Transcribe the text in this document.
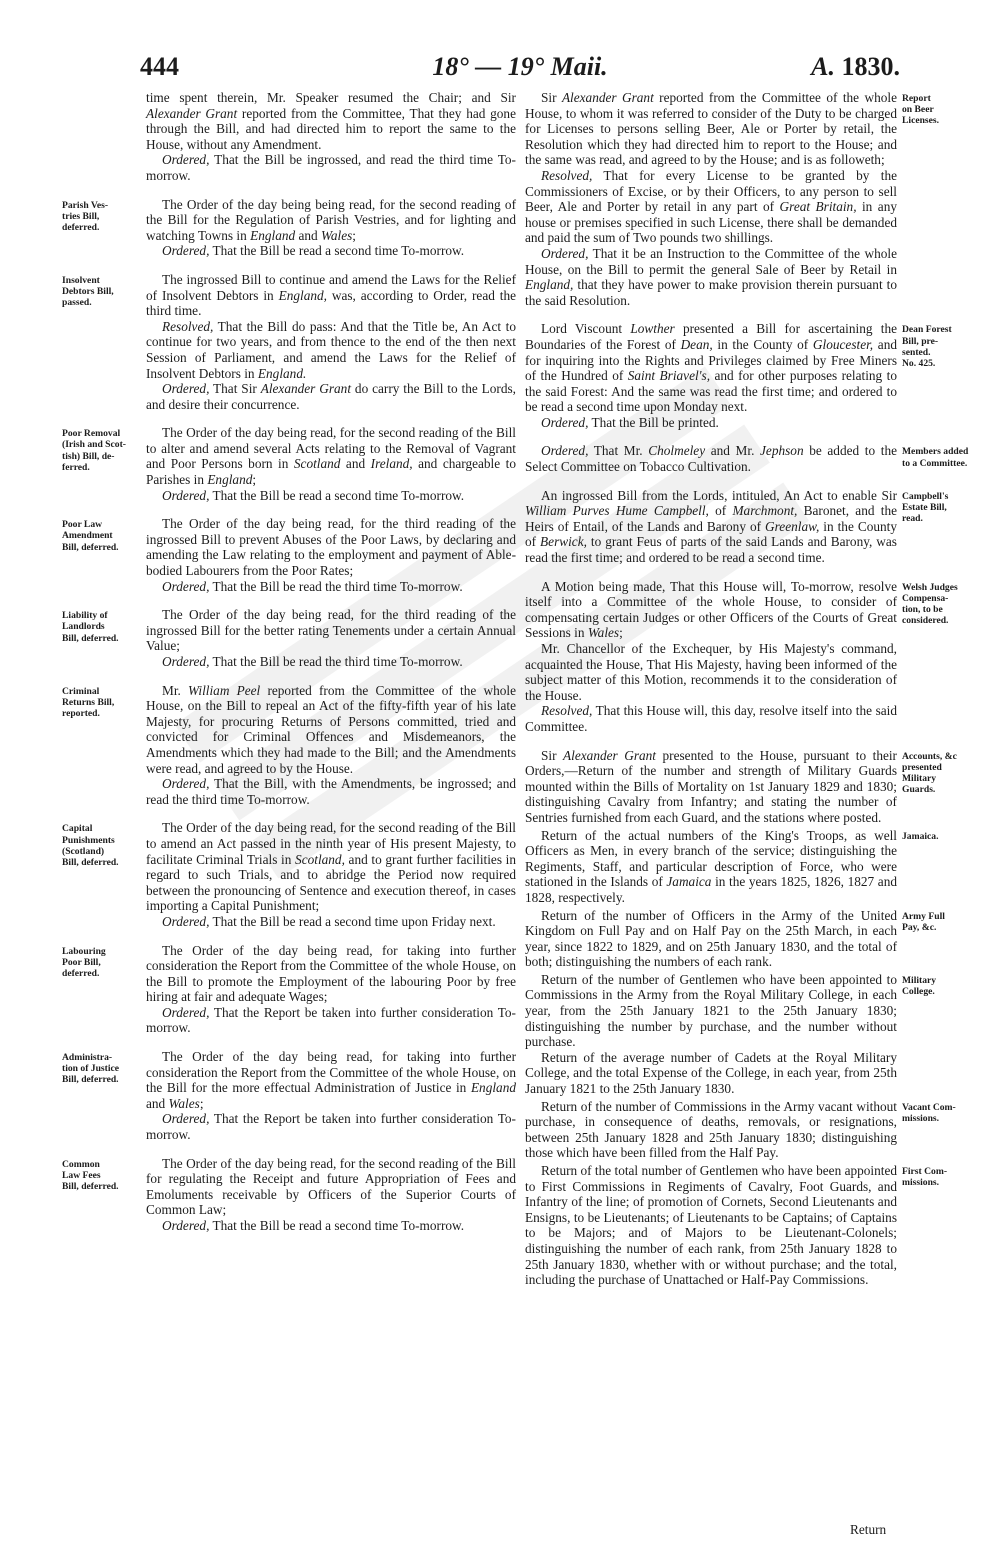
444	18° — 19° Maii.	A. 1830.

time spent therein, Mr. Speaker resumed the Chair; and Sir Alexander Grant reported from the Committee, That they had gone through the Bill, and had directed him to report the same to the House, without any Amendment.

Ordered, That the Bill be ingrossed, and read the third time To-morrow.

Parish Ves-
tries Bill,
deferred.

The Order of the day being being read, for the second reading of the Bill for the Regulation of Parish Vestries, and for lighting and watching Towns in England and Wales;

Ordered, That the Bill be read a second time To-morrow.

Insolvent
Debtors Bill,
passed.

The ingrossed Bill to continue and amend the Laws for the Relief of Insolvent Debtors in England, was, according to Order, read the third time.

Resolved, That the Bill do pass: And that the Title be, An Act to continue for two years, and from thence to the end of the then next Session of Parliament, and amend the Laws for the Relief of Insolvent Debtors in England.

Ordered, That Sir Alexander Grant do carry the Bill to the Lords, and desire their concurrence.

Poor Removal
(Irish and Scot-
tish) Bill, de-
ferred.

The Order of the day being read, for the second reading of the Bill to alter and amend several Acts relating to the Removal of Vagrant and Poor Persons born in Scotland and Ireland, and chargeable to Parishes in England;

Ordered, That the Bill be read a second time To-morrow.

Poor Law
Amendment
Bill, deferred.

The Order of the day being read, for the third reading of the ingrossed Bill to prevent Abuses of the Poor Laws, by declaring and amending the Law relating to the employment and payment of Able-bodied Labourers from the Poor Rates;

Ordered, That the Bill be read the third time To-morrow.

Liability of
Landlords
Bill, deferred.

The Order of the day being read, for the third reading of the ingrossed Bill for the better rating Tenements under a certain Annual Value;

Ordered, That the Bill be read the third time To-morrow.

Criminal
Returns Bill,
reported.

Mr. William Peel reported from the Committee of the whole House, on the Bill to repeal an Act of the fifty-fifth year of his late Majesty, for procuring Returns of Persons committed, tried and convicted for Criminal Offences and Misdemeanors, the Amendments which they had made to the Bill; and the Amendments were read, and agreed to by the House.

Ordered, That the Bill, with the Amendments, be ingrossed; and read the third time To-morrow.

Capital
Punishments
(Scotland)
Bill, deferred.

The Order of the day being read, for the second reading of the Bill to amend an Act passed in the ninth year of His present Majesty, to facilitate Criminal Trials in Scotland, and to grant further facilities in regard to such Trials, and to abridge the Period now required between the pronouncing of Sentence and execution thereof, in cases importing a Capital Punishment;

Ordered, That the Bill be read a second time upon Friday next.

Labouring
Poor Bill,
deferred.

The Order of the day being read, for taking into further consideration the Report from the Committee of the whole House, on the Bill to promote the Employment of the labouring Poor by free hiring at fair and adequate Wages;

Ordered, That the Report be taken into further consideration To-morrow.

Administra-
tion of Justice
Bill, deferred.

The Order of the day being read, for taking into further consideration the Report from the Committee of the whole House, on the Bill for the more effectual Administration of Justice in England and Wales;

Ordered, That the Report be taken into further consideration To-morrow.

Common
Law Fees
Bill, deferred.

The Order of the day being read, for the second reading of the Bill for regulating the Receipt and future Appropriation of Fees and Emoluments receivable by Officers of the Superior Courts of Common Law;

Ordered, That the Bill be read a second time To-morrow.

Report
on Beer
Licenses.

Sir Alexander Grant reported from the Committee of the whole House, to whom it was referred to consider of the Duty to be charged for Licenses to persons selling Beer, Ale or Porter by retail, the Resolution which they had directed him to report to the House; and the same was read, and agreed to by the House; and is as followeth;

Resolved, That for every License to be granted by the Commissioners of Excise, or by their Officers, to any person to sell Beer, Ale and Porter by retail in any part of Great Britain, in any house or premises specified in such License, there shall be demanded and paid the sum of Two pounds two shillings.

Ordered, That it be an Instruction to the Committee of the whole House, on the Bill to permit the general Sale of Beer by Retail in England, that they have power to make provision therein pursuant to the said Resolution.

Dean Forest
Bill, pre-
sented.
No. 425.

Lord Viscount Lowther presented a Bill for ascertaining the Boundaries of the Forest of Dean, in the County of Gloucester, and for inquiring into the Rights and Privileges claimed by Free Miners of the Hundred of Saint Briavel's, and for other purposes relating to the said Forest: And the same was read the first time; and ordered to be read a second time upon Monday next.

Ordered, That the Bill be printed.

Members added
to a Committee.

Ordered, That Mr. Cholmeley and Mr. Jephson be added to the Select Committee on Tobacco Cultivation.

Campbell's
Estate Bill,
read.

An ingrossed Bill from the Lords, intituled, An Act to enable Sir William Purves Hume Campbell, of Marchmont, Baronet, and the Heirs of Entail, of the Lands and Barony of Greenlaw, in the County of Berwick, to grant Feus of parts of the said Lands and Barony, was read the first time; and ordered to be read a second time.

Welsh Judges
Compensa-
tion, to be
considered.

A Motion being made, That this House will, To-morrow, resolve itself into a Committee of the whole House, to consider of compensating certain Judges or other Officers of the Courts of Great Sessions in Wales;

Mr. Chancellor of the Exchequer, by His Majesty's command, acquainted the House, That His Majesty, having been informed of the subject matter of this Motion, recommends it to the consideration of the House.

Resolved, That this House will, this day, resolve itself into the said Committee.

Accounts, &c
presented
Military
Guards.

Sir Alexander Grant presented to the House, pursuant to their Orders,—Return of the number and strength of Military Guards mounted within the Bills of Mortality on 1st January 1829 and 1830; distinguishing Cavalry from Infantry; and stating the number of Sentries furnished from each Guard, and the stations where posted.

Jamaica.

Return of the actual numbers of the King's Troops, as well Officers as Men, in every branch of the service; distinguishing the Regiments, Staff, and particular description of Force, who were stationed in the Islands of Jamaica in the years 1825, 1826, 1827 and 1828, respectively.

Army Full
Pay, &c.

Return of the number of Officers in the Army of the United Kingdom on Full Pay and on Half Pay on the 25th March, in each year, since 1822 to 1829, and on 25th January 1830, and the total of both; distinguishing the numbers of each rank.

Military
College.

Return of the number of Gentlemen who have been appointed to Commissions in the Army from the Royal Military College, in each year, from the 25th January 1821 to the 25th January 1830; distinguishing the number by purchase, and the number without purchase.

Return of the average number of Cadets at the Royal Military College, and the total Expense of the College, in each year, from 25th January 1821 to the 25th January 1830.

Vacant Com-
missions.

Return of the number of Commissions in the Army vacant without purchase, in consequence of deaths, removals, or resignations, between 25th January 1828 and 25th January 1830; distinguishing those which have been filled from the Half Pay.

First Com-
missions.

Return of the total number of Gentlemen who have been appointed to First Commissions in Regiments of Cavalry, Foot Guards, and Infantry of the line; of promotion of Cornets, Second Lieutenants and Ensigns, to be Lieutenants; of Lieutenants to be Captains; of Captains to be Majors; and of Majors to be Lieutenant-Colonels; distinguishing the number of each rank, from 25th January 1828 to 25th January 1830, whether with or without purchase; and the total, including the purchase of Unattached or Half-Pay Commissions.

Return
